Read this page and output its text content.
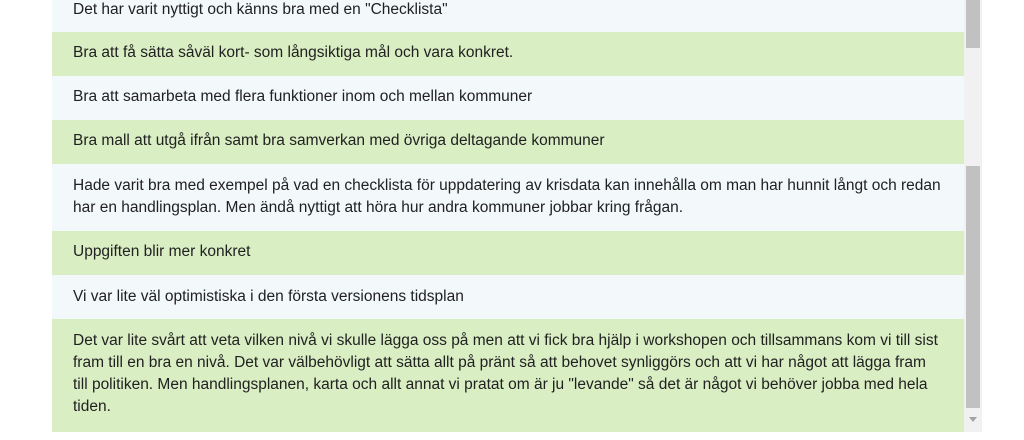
Det har varit nyttigt och känns bra med en "Checklista"
Bra att få sätta såväl kort- som långsiktiga mål och vara konkret.
Bra att samarbeta med flera funktioner inom och mellan kommuner
Bra mall att utgå ifrån samt bra samverkan med övriga deltagande kommuner
Hade varit bra med exempel på vad en checklista för uppdatering av krisdata kan innehålla om man har hunnit långt och redan har en handlingsplan. Men ändå nyttigt att höra hur andra kommuner jobbar kring frågan.
Uppgiften blir mer konkret
Vi var lite väl optimistiska i den första versionens tidsplan
Det var lite svårt att veta vilken nivå vi skulle lägga oss på men att vi fick bra hjälp i workshopen och tillsammans kom vi till sist fram till en bra en nivå. Det var välbehövligt att sätta allt på pränt så att behovet synliggörs och att vi har något att lägga fram till politiken. Men handlingsplanen, karta och allt annat vi pratat om är ju "levande" så det är något vi behöver jobba med hela tiden.
